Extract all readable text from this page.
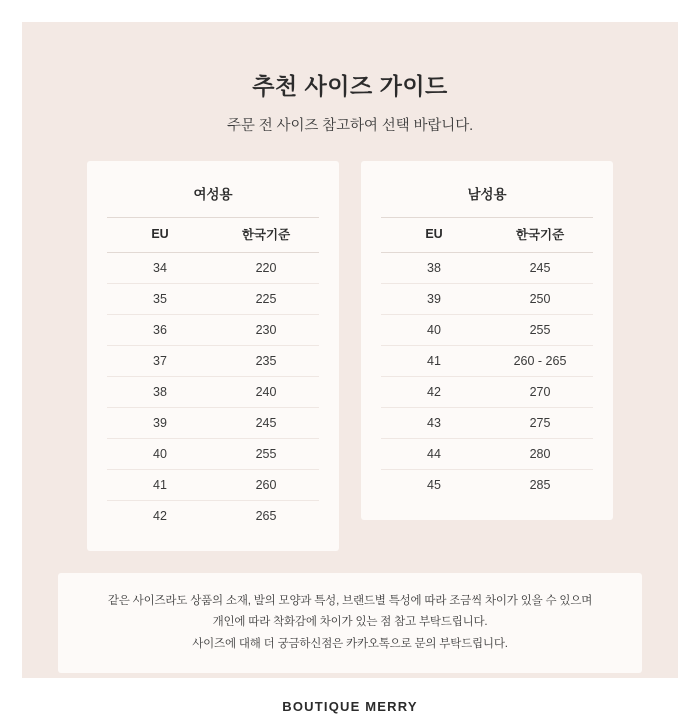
추천 사이즈 가이드
주문 전 사이즈 참고하여 선택 바랍니다.
여성용
EU	한국기준
34	220
35	225
36	230
37	235
38	240
39	245
40	255
41	260
42	265
남성용
EU	한국기준
38	245
39	250
40	255
41	260 - 265
42	270
43	275
44	280
45	285

같은 사이즈라도 상품의 소재, 발의 모양과 특성, 브랜드별 특성에 따라 조금씩 차이가 있을 수 있으며

개인에 따라 착화감에 차이가 있는 점 참고 부탁드립니다.

사이즈에 대해 더 궁금하신점은 카카오톡으로 문의 부탁드립니다.

BOUTIQUE MERRY
